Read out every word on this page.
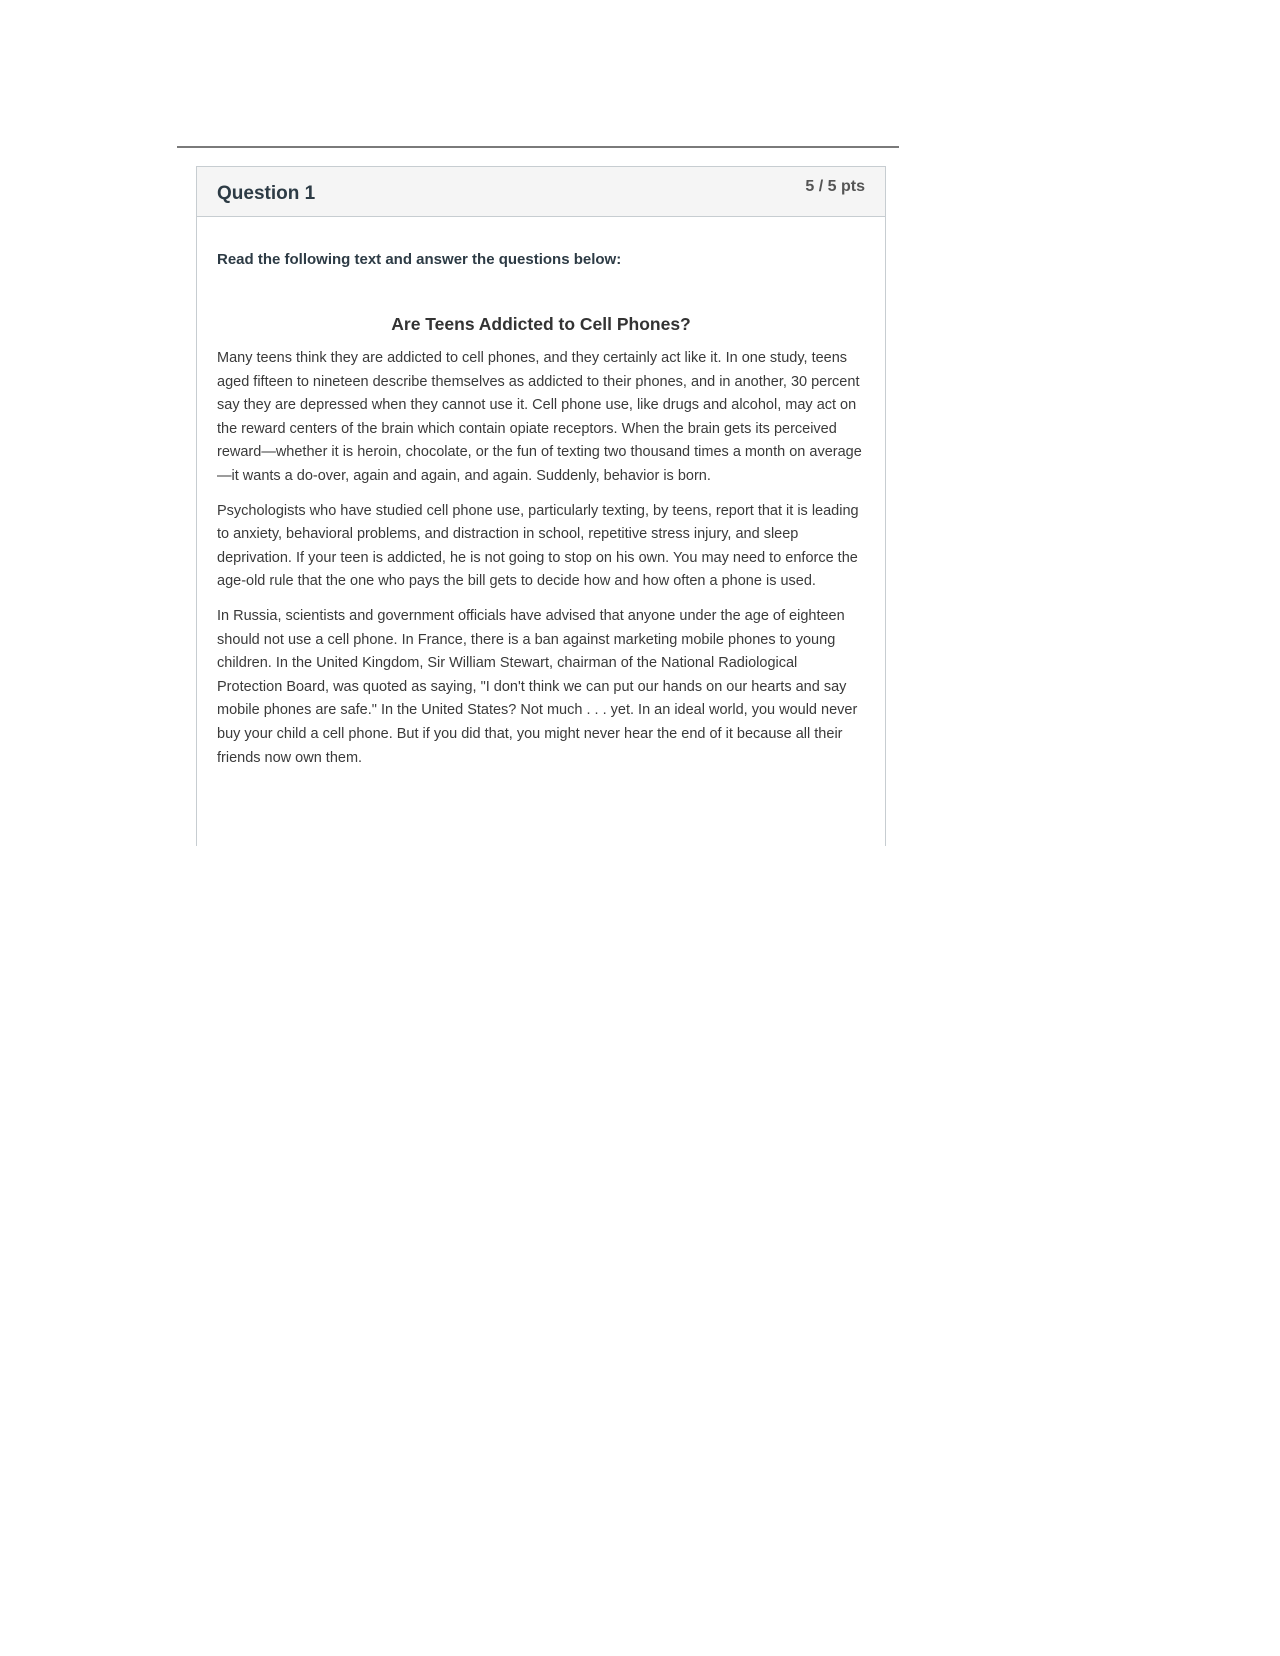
Question 1	5 / 5 pts

Read the following text and answer the questions below:

Are Teens Addicted to Cell Phones?

Many teens think they are addicted to cell phones, and they certainly act like it. In one study, teens aged fifteen to nineteen describe themselves as addicted to their phones, and in another, 30 percent say they are depressed when they cannot use it. Cell phone use, like drugs and alcohol, may act on the reward centers of the brain which contain opiate receptors. When the brain gets its perceived reward—whether it is heroin, chocolate, or the fun of texting two thousand times a month on average—it wants a do-over, again and again, and again. Suddenly, behavior is born.

Psychologists who have studied cell phone use, particularly texting, by teens, report that it is leading to anxiety, behavioral problems, and distraction in school, repetitive stress injury, and sleep deprivation. If your teen is addicted, he is not going to stop on his own. You may need to enforce the age-old rule that the one who pays the bill gets to decide how and how often a phone is used.

In Russia, scientists and government officials have advised that anyone under the age of eighteen should not use a cell phone. In France, there is a ban against marketing mobile phones to young children. In the United Kingdom, Sir William Stewart, chairman of the National Radiological Protection Board, was quoted as saying, "I don't think we can put our hands on our hearts and say mobile phones are safe." In the United States? Not much . . . yet. In an ideal world, you would never buy your child a cell phone. But if you did that, you might never hear the end of it because all their friends now own them.
